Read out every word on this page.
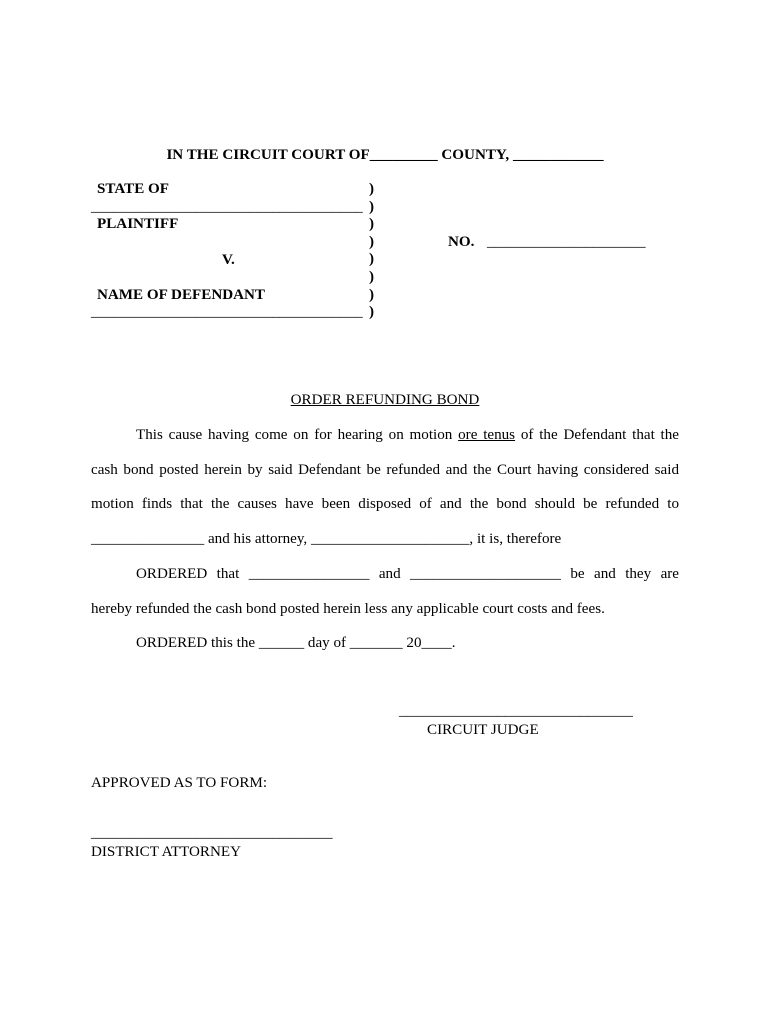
IN THE CIRCUIT COURT OF_________ COUNTY, ____________
STATE OF
____________________________________
PLAINTIFF
NO. _____________________
V.
NAME OF DEFENDANT
____________________________________
)
)
)
)
)
)
)
)
ORDER REFUNDING BOND
This cause having come on for hearing on motion ore tenus of the Defendant that the
cash bond posted herein by said Defendant be refunded and the Court having considered said
motion finds that the causes have been disposed of and the bond should be refunded to
_______________ and his attorney, _____________________, it is, therefore
ORDERED that ________________ and ____________________ be and they are
hereby refunded the cash bond posted herein less any applicable court costs and fees.
ORDERED this the ______ day of _______ 20____.
_______________________________
CIRCUIT JUDGE
APPROVED AS TO FORM:
________________________________
DISTRICT ATTORNEY
